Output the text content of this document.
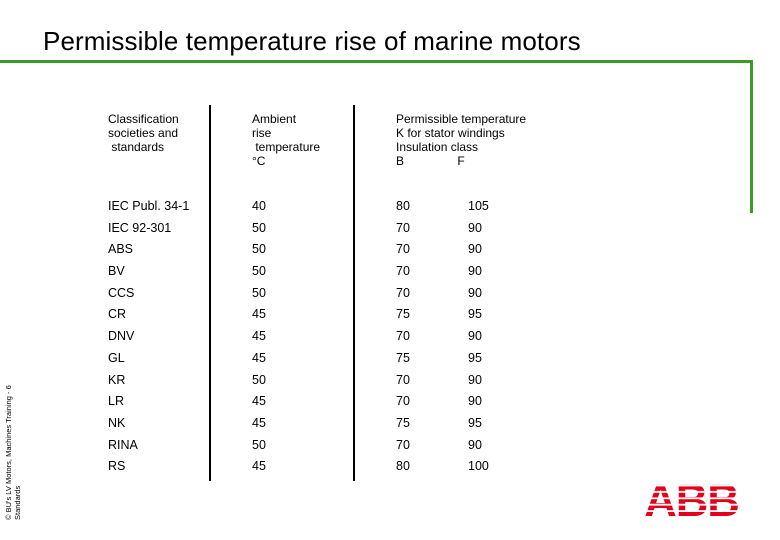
Permissible temperature rise of marine motors
© BU's LV Motors, Machines Training - 6 Standards
Classification
societies and
standards
Ambient
rise
temperature
°C
Permissible temperature
K for stator windings
Insulation class
B                F
IEC Publ. 34-1	40	80	105
IEC 92-301	50	70	90
ABS	50	70	90
BV	50	70	90
CCS	50	70	90
CR	45	75	95
DNV	45	70	90
GL	45	75	95
KR	50	70	90
LR	45	70	90
NK	45	75	95
RINA	50	70	90
RS	45	80	100
ABB
